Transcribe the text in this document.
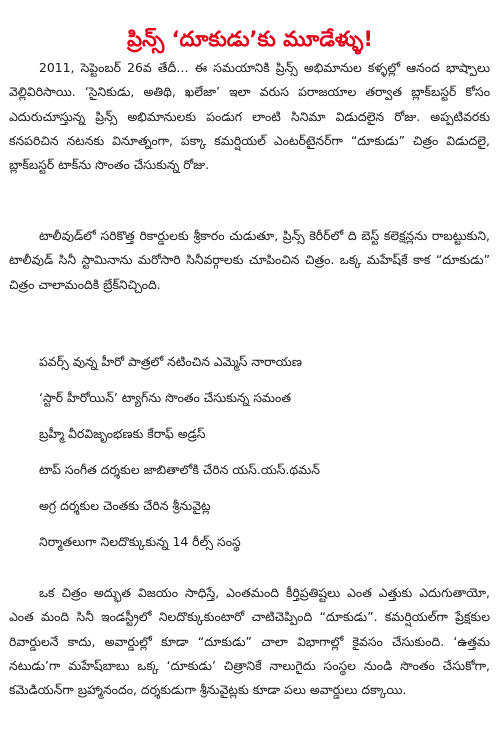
ప్రిన్స్ ‘దూకుడు’కు మూడేళ్ళు!

2011, సెప్టెంబర్ 26వ తేదీ… ఈ సమయానికి ప్రిన్స్ అభిమానుల కళ్ళల్లో ఆనంద భాష్పాలు వెల్లివిరిసాయి. ‘సైనికుడు, అతిథి, ఖలేజా’ ఇలా వరుస పరాజయాల తర్వాత బ్లాక్‌బస్టర్ కోసం ఎదురుచూస్తున్న ప్రిన్స్ అభిమానులకు పండుగ లాంటి సినిమా విడుదలైన రోజు. అప్పటివరకు కనపరిచిన నటనకు వినూత్నంగా, పక్కా కమర్షియల్ ఎంటర్‌టైనర్‌గా “దూకుడు” చిత్రం విడుదలై, బ్లాక్‌బస్టర్ టాక్‌ను సొంతం చేసుకున్న రోజు.

టాలీవుడ్‌లో సరికొత్త రికార్డులకు శ్రీకారం చుడుతూ, ప్రిన్స్ కెరీర్‌లో ది బెస్ట్ కలెక్షన్లను రాబట్టుకుని, టాలీవుడ్ సినీ స్టామినాను మరోసారి సినీవర్గాలకు చూపించిన చిత్రం. ఒక్క మహేష్‌కే కాక “దూకుడు” చిత్రం చాలామందికి బ్రేక్‌నిచ్చింది.

పవర్స్ వున్న హీరో పాత్రలో నటించిన ఎమ్మెస్ నారాయణ
‘స్టార్ హీరోయిన్’ ట్యాగ్‌ను సొంతం చేసుకున్న సమంత
బ్రహ్మీ వీరవిజృంభణకు కేరాఫ్ అడ్రస్
టాప్ సంగీత దర్శకుల జాబితాలోకి చేరిన యస్.యస్.థమన్
అగ్ర దర్శకుల చెంతకు చేరిన శ్రీనువైట్ల
నిర్మాతలుగా నిలదొక్కుకున్న 14 రీల్స్ సంస్థ

ఒక చిత్రం అద్భుత విజయం సాధిస్తే, ఎంతమంది కీర్తిప్రతిష్టలు ఎంత ఎత్తుకు ఎదుగుతాయో, ఎంత మంది సినీ ఇండస్ట్రీలో నిలదొక్కుకుంటారో చాటిచెప్పింది “దూకుడు”. కమర్షియల్‌గా ప్రేక్షకుల రివార్డులనే కాదు, అవార్డుల్లో కూడా “దూకుడు” చాలా విభాగాల్లో కైవసం చేసుకుంది. ‘ఉత్తమ నటుడు’గా మహేష్‌బాబు ఒక్క ‘దూకుడు’ చిత్రానికే నాలుగైదు సంస్థల నుండి సొంతం చేసుకోగా, కమెడియన్‌గా బ్రహ్మానందం, దర్శకుడుగా శ్రీనువైట్లకు కూడా పలు అవార్డులు దక్కాయి.
